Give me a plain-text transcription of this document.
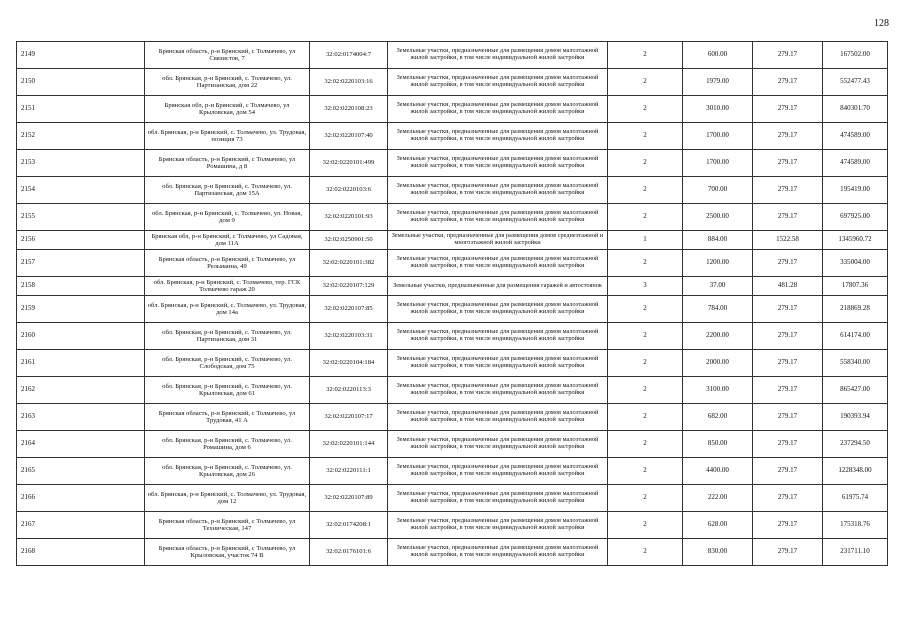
128
2149	Брянская область, р-н Брянский, с Толмачево, ул Связистов, 7	32:02:0174004:7	Земельные участки, предназначенные для размещения домов малоэтажной жилой застройки, в том числе индивидуальной жилой застройки	2	600.00	279.17	167502.00
2150	обл. Брянская, р-н Брянский, с. Толмачево, ул. Партизанская, дом 22	32:02:0220103:16	Земельные участки, предназначенные для размещения домов малоэтажной жилой застройки, в том числе индивидуальной жилой застройки	2	1979.00	279.17	552477.43
2151	Брянская обл, р-н Брянский, с Толмачево, ул Крыловская, дом 54	32:02:0220108:23	Земельные участки, предназначенные для размещения домов малоэтажной жилой застройки, в том числе индивидуальной жилой застройки	2	3010.00	279.17	840301.70
2152	обл. Брянская, р-н Брянский, с. Толмачево, ул. Трудовая, позиция 73	32:02:0220107:40	Земельные участки, предназначенные для размещения домов малоэтажной жилой застройки, в том числе индивидуальной жилой застройки	2	1700.00	279.17	474589.00
2153	Брянская область, р-н Брянский, с Толмачево, ул Ромашина, д 8	32:02:0220101:499	Земельные участки, предназначенные для размещения домов малоэтажной жилой застройки, в том числе индивидуальной жилой застройки	2	1700.00	279.17	474589.00
2154	обл. Брянская, р-н Брянский, с. Толмачево, ул. Партизанская, дом 15А	32:02:0220103:6	Земельные участки, предназначенные для размещения домов малоэтажной жилой застройки, в том числе индивидуальной жилой застройки	2	700.00	279.17	195419.00
2155	обл. Брянская, р-н Брянский, с. Толмачево, ул. Новая, дом 9	32:02:0220101:93	Земельные участки, предназначенные для размещения домов малоэтажной жилой застройки, в том числе индивидуальной жилой застройки	2	2500.00	279.17	697925.00
2156	Брянская обл, р-н Брянский, с Толмачево, ул Садовая, дом 11А	32:02:0250901:50	Земельные участки, предназначенные для размещения домов среднеэтажной и многоэтажной жилой застройки	1	884.00	1522.58	1345960.72
2157	Брянская область, р-н Брянский, с Толмачево, ул Рельманна, 49	32:02:0220101:382	Земельные участки, предназначенные для размещения домов малоэтажной жилой застройки, в том числе индивидуальной жилой застройки	2	1200.00	279.17	335004.00
2158	обл. Брянская, р-н Брянский, с. Толмачево, тер. ГСК Толмачево гараж 20	32:02:0220107:129	Земельные участки, предназначенные для размещения гаражей и автостоянок	3	37.00	481.28	17807.36
2159	обл. Брянская, р-н Брянский, с. Толмачево, ул. Трудовая, дом 14а	32:02:0220107:85	Земельные участки, предназначенные для размещения домов малоэтажной жилой застройки, в том числе индивидуальной жилой застройки	2	784.00	279.17	218869.28
2160	обл. Брянская, р-н Брянский, с. Толмачево, ул. Партизанская, дом 31	32:02:0220103:31	Земельные участки, предназначенные для размещения домов малоэтажной жилой застройки, в том числе индивидуальной жилой застройки	2	2200.00	279.17	614174.00
2161	обл. Брянская, р-н Брянский, с. Толмачево, ул. Слободская, дом 75	32:02:0220104:184	Земельные участки, предназначенные для размещения домов малоэтажной жилой застройки, в том числе индивидуальной жилой застройки	2	2000.00	279.17	558340.00
2162	обл. Брянская, р-н Брянский, с. Толмачево, ул. Крыловская, дом 61	32:02:0220113:3	Земельные участки, предназначенные для размещения домов малоэтажной жилой застройки, в том числе индивидуальной жилой застройки	2	3100.00	279.17	865427.00
2163	Брянская область, р-н Брянский, с Толмачево, ул Трудовая, 41 А	32:02:0220107:17	Земельные участки, предназначенные для размещения домов малоэтажной жилой застройки, в том числе индивидуальной жилой застройки	2	682.00	279.17	190393.94
2164	обл. Брянская, р-н Брянский, с. Толмачево, ул. Ромашина, дом 6	32:02:0220101:144	Земельные участки, предназначенные для размещения домов малоэтажной жилой застройки, в том числе индивидуальной жилой застройки	2	850.00	279.17	237294.50
2165	обл. Брянская, р-н Брянский, с. Толмачево, ул. Крыловская, дом 26	32:02:0220111:1	Земельные участки, предназначенные для размещения домов малоэтажной жилой застройки, в том числе индивидуальной жилой застройки	2	4400.00	279.17	1228348.00
2166	обл. Брянская, р-н Брянский, с. Толмачево, ул. Трудовая, дом 12	32:02:0220107:89	Земельные участки, предназначенные для размещения домов малоэтажной жилой застройки, в том числе индивидуальной жилой застройки	2	222.00	279.17	61975.74
2167	Брянская область, р-н Брянский, с Толмачево, ул Техническая, 147	32:02:0174208:1	Земельные участки, предназначенные для размещения домов малоэтажной жилой застройки, в том числе индивидуальной жилой застройки	2	628.00	279.17	175318.76
2168	Брянская область, р-н Брянский, с Толмачево, ул Крыловская, участок 74 В	32:02:0176101:6	Земельные участки, предназначенные для размещения домов малоэтажной жилой застройки, в том числе индивидуальной жилой застройки	2	830.00	279.17	231711.10
